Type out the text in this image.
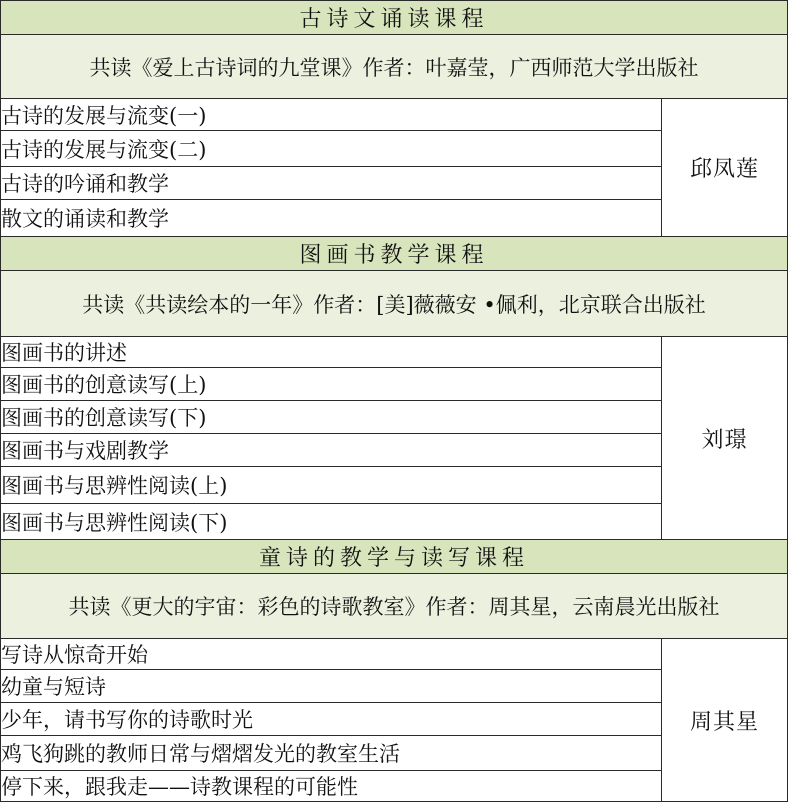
古诗文诵读课程	
共读《爱上古诗词的九堂课》作者：叶嘉莹，广西师范大学出版社	
古诗的发展与流变(一)	邱凤莲
古诗的发展与流变(二)	
古诗的吟诵和教学	
散文的诵读和教学	
图画书教学课程	
共读《共读绘本的一年》作者：[美]薇薇安 •佩利，北京联合出版社	
图画书的讲述	刘璟
图画书的创意读写(上)	
图画书的创意读写(下)	
图画书与戏剧教学	
图画书与思辨性阅读(上)	
图画书与思辨性阅读(下)	
童诗的教学与读写课程	
共读《更大的宇宙：彩色的诗歌教室》作者：周其星，云南晨光出版社	
写诗从惊奇开始	周其星
幼童与短诗	
少年，请书写你的诗歌时光	
鸡飞狗跳的教师日常与熠熠发光的教室生活	
停下来，跟我走——诗教课程的可能性	
